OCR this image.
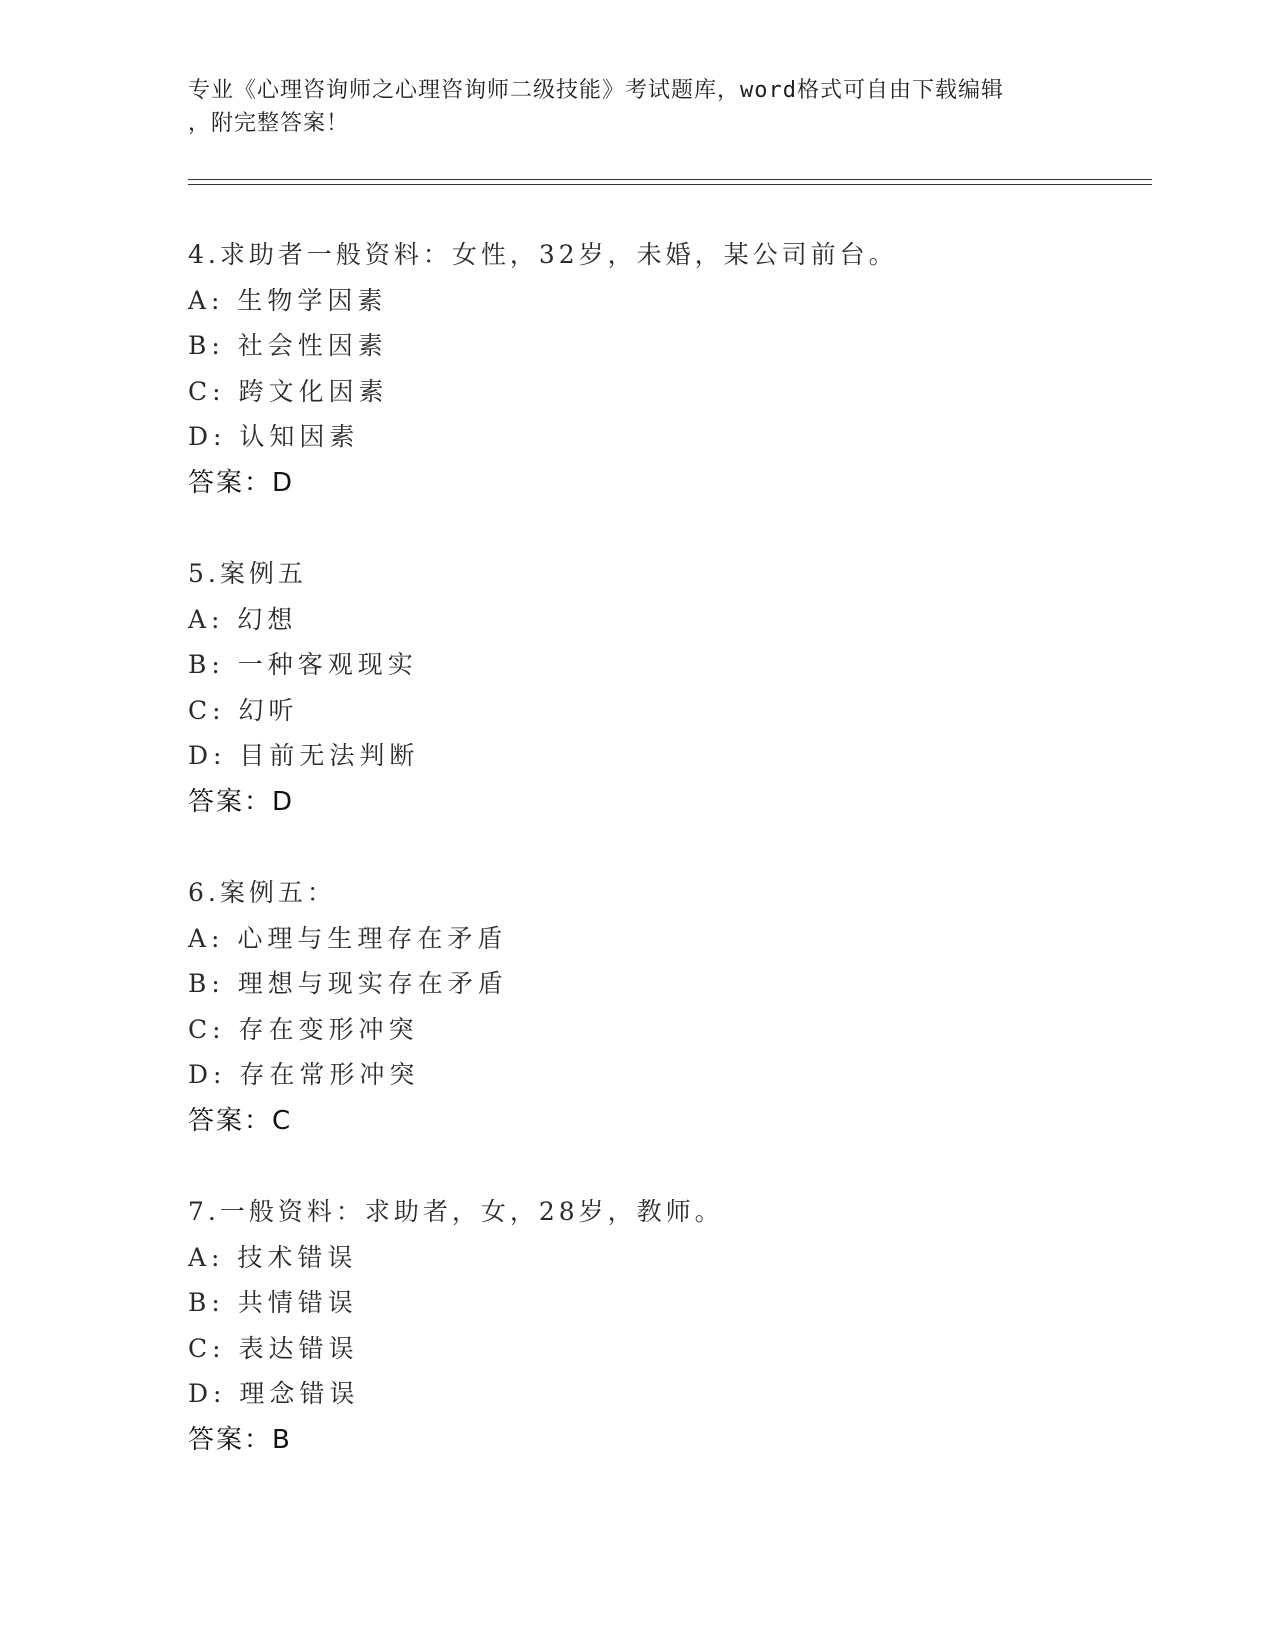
专业《心理咨询师之心理咨询师二级技能》考试题库，word格式可自由下载编辑
，附完整答案！
4.求助者一般资料：女性，32岁，未婚，某公司前台。
A: 生物学因素
B: 社会性因素
C: 跨文化因素
D: 认知因素
答案：D
5.案例五
A: 幻想
B: 一种客观现实
C: 幻听
D: 目前无法判断
答案：D
6.案例五：
A: 心理与生理存在矛盾
B: 理想与现实存在矛盾
C: 存在变形冲突
D: 存在常形冲突
答案：C
7.一般资料：求助者，女，28岁，教师。
A: 技术错误
B: 共情错误
C: 表达错误
D: 理念错误
答案：B
